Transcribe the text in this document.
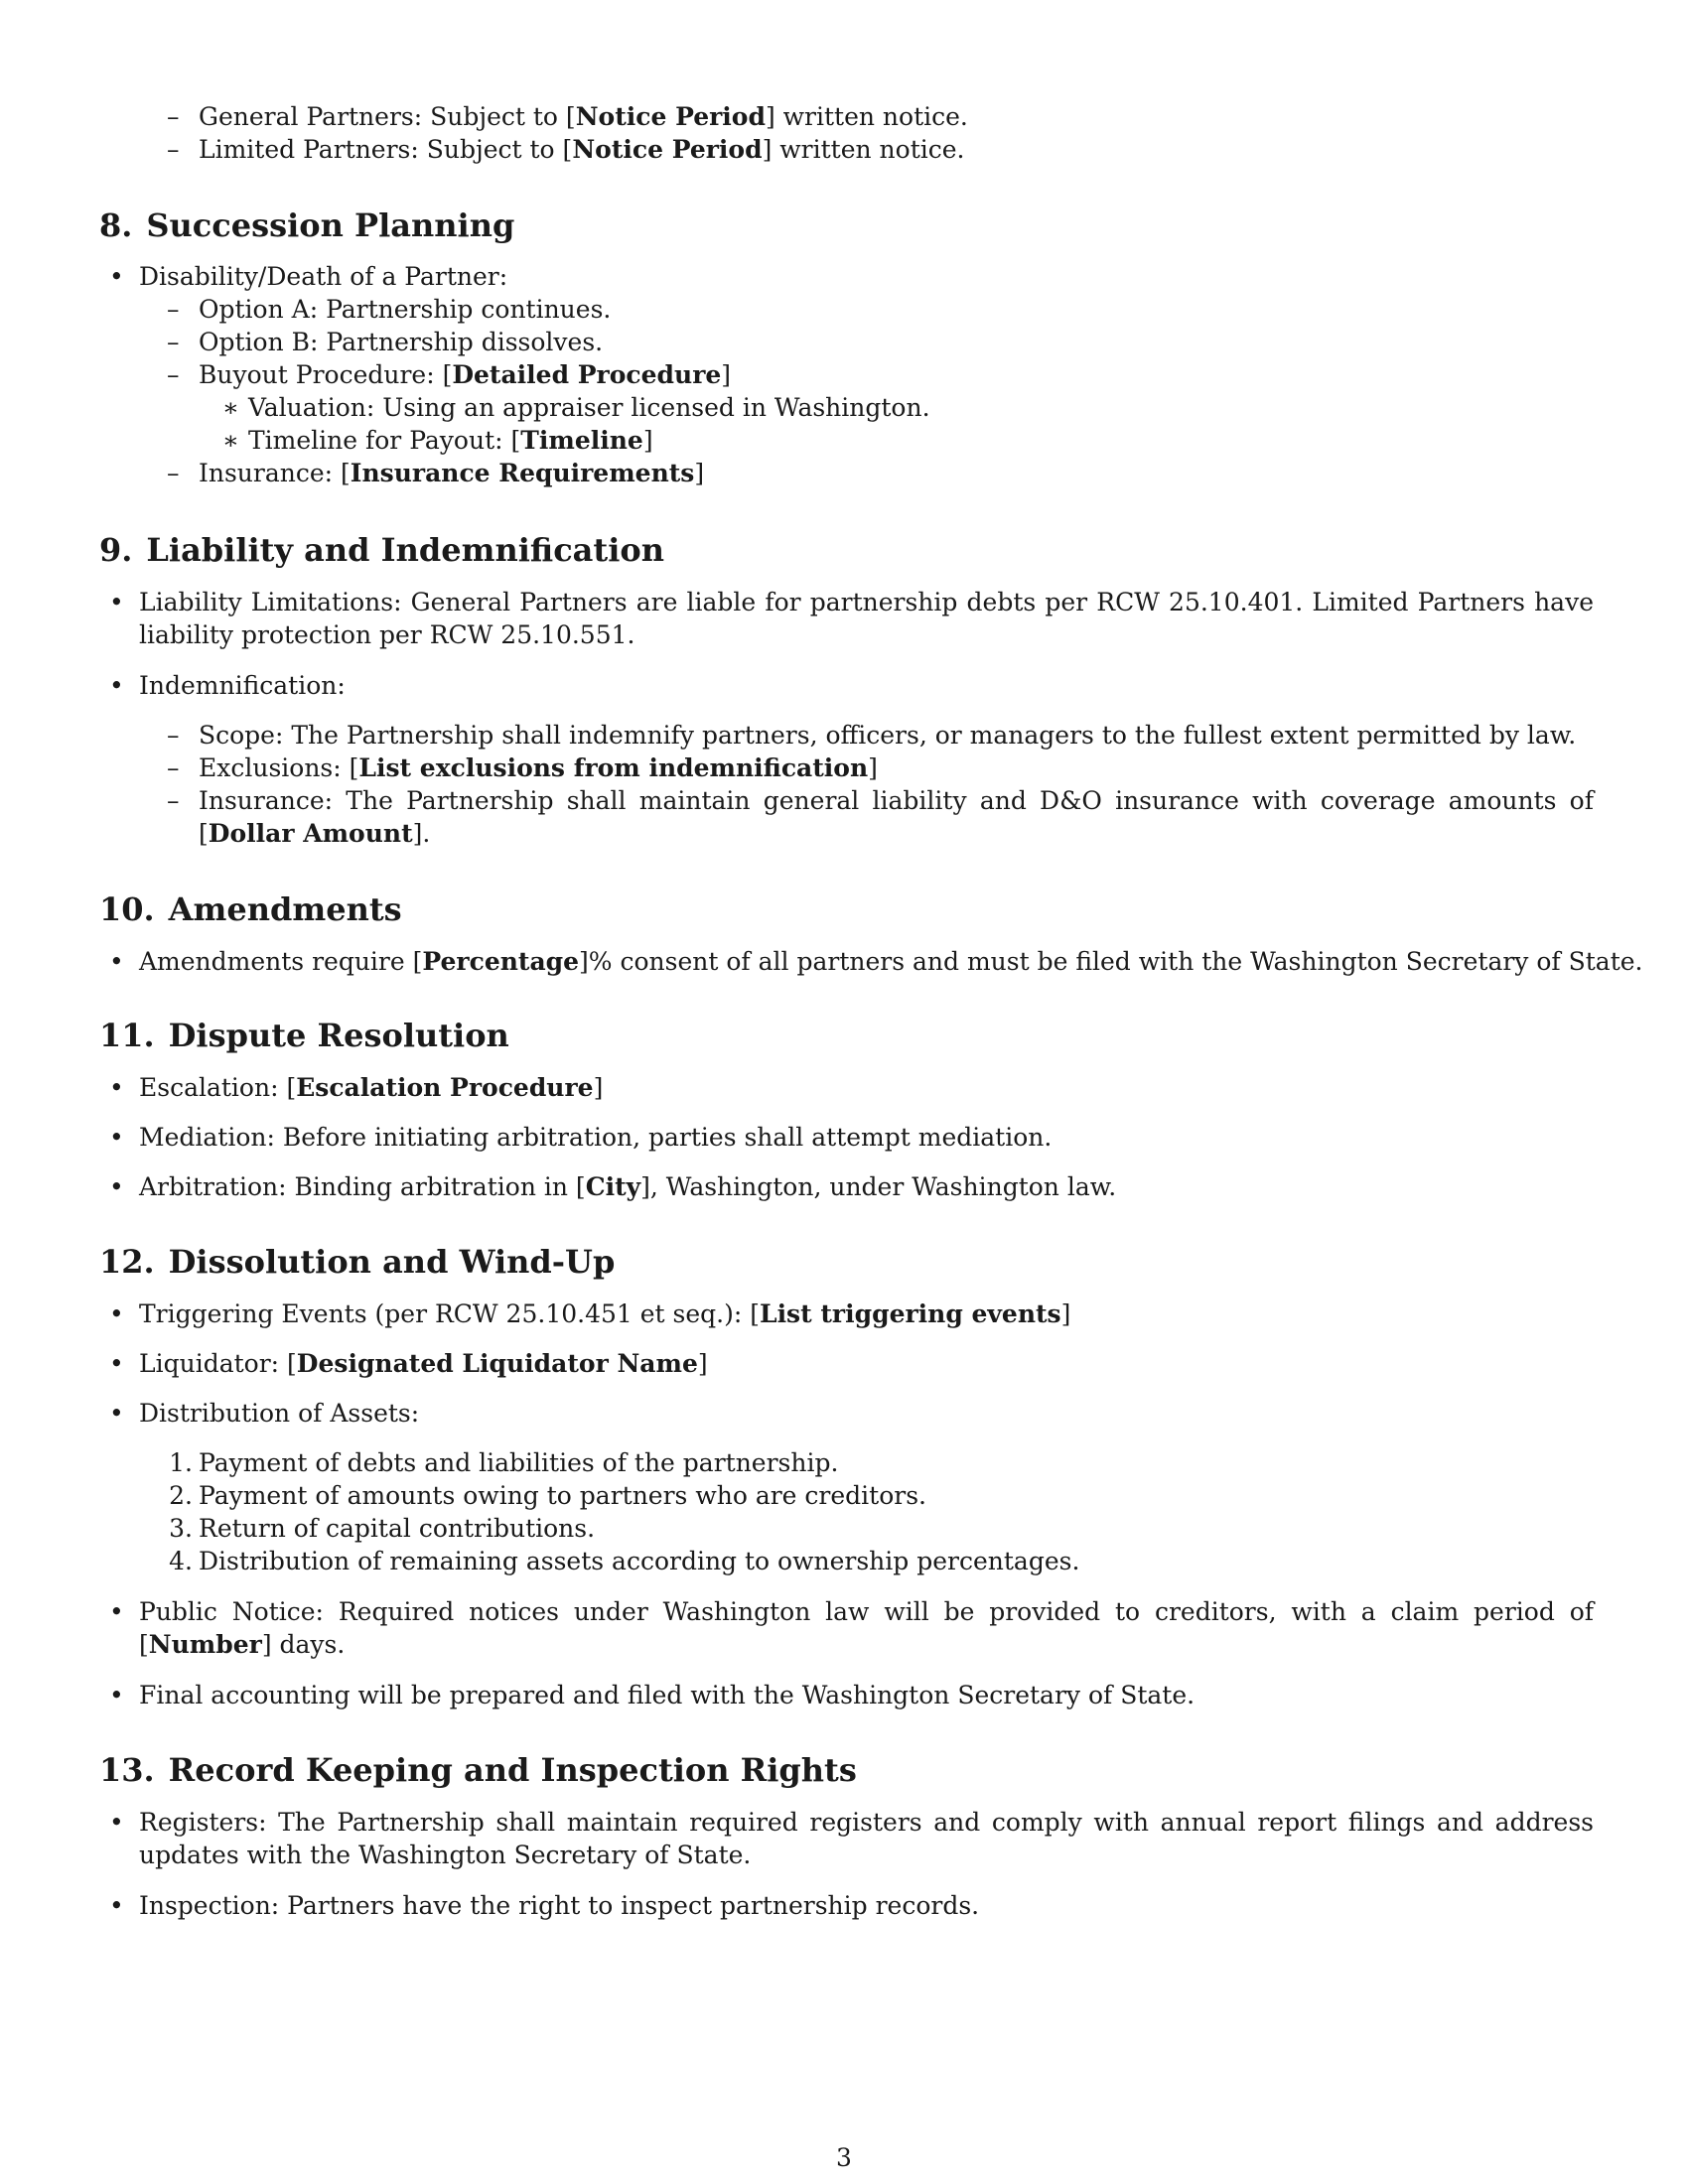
– General Partners: Subject to [Notice Period] written notice.
– Limited Partners: Subject to [Notice Period] written notice.
8. Succession Planning
• Disability/Death of a Partner:
– Option A: Partnership continues.
– Option B: Partnership dissolves.
– Buyout Procedure: [Detailed Procedure]
∗ Valuation: Using an appraiser licensed in Washington.
∗ Timeline for Payout: [Timeline]
– Insurance: [Insurance Requirements]
9. Liability and Indemnification
• Liability Limitations: General Partners are liable for partnership debts per RCW 25.10.401. Limited Partners have liability protection per RCW 25.10.551.
• Indemnification:
– Scope: The Partnership shall indemnify partners, officers, or managers to the fullest extent permitted by law.
– Exclusions: [List exclusions from indemnification]
– Insurance: The Partnership shall maintain general liability and D&O insurance with coverage amounts of [Dollar Amount].
10. Amendments
• Amendments require [Percentage]% consent of all partners and must be filed with the Washington Secretary of State.
11. Dispute Resolution
• Escalation: [Escalation Procedure]
• Mediation: Before initiating arbitration, parties shall attempt mediation.
• Arbitration: Binding arbitration in [City], Washington, under Washington law.
12. Dissolution and Wind-Up
• Triggering Events (per RCW 25.10.451 et seq.): [List triggering events]
• Liquidator: [Designated Liquidator Name]
• Distribution of Assets:
1. Payment of debts and liabilities of the partnership.
2. Payment of amounts owing to partners who are creditors.
3. Return of capital contributions.
4. Distribution of remaining assets according to ownership percentages.
• Public Notice: Required notices under Washington law will be provided to creditors, with a claim period of [Number] days.
• Final accounting will be prepared and filed with the Washington Secretary of State.
13. Record Keeping and Inspection Rights
• Registers: The Partnership shall maintain required registers and comply with annual report filings and address updates with the Washington Secretary of State.
• Inspection: Partners have the right to inspect partnership records.
3
